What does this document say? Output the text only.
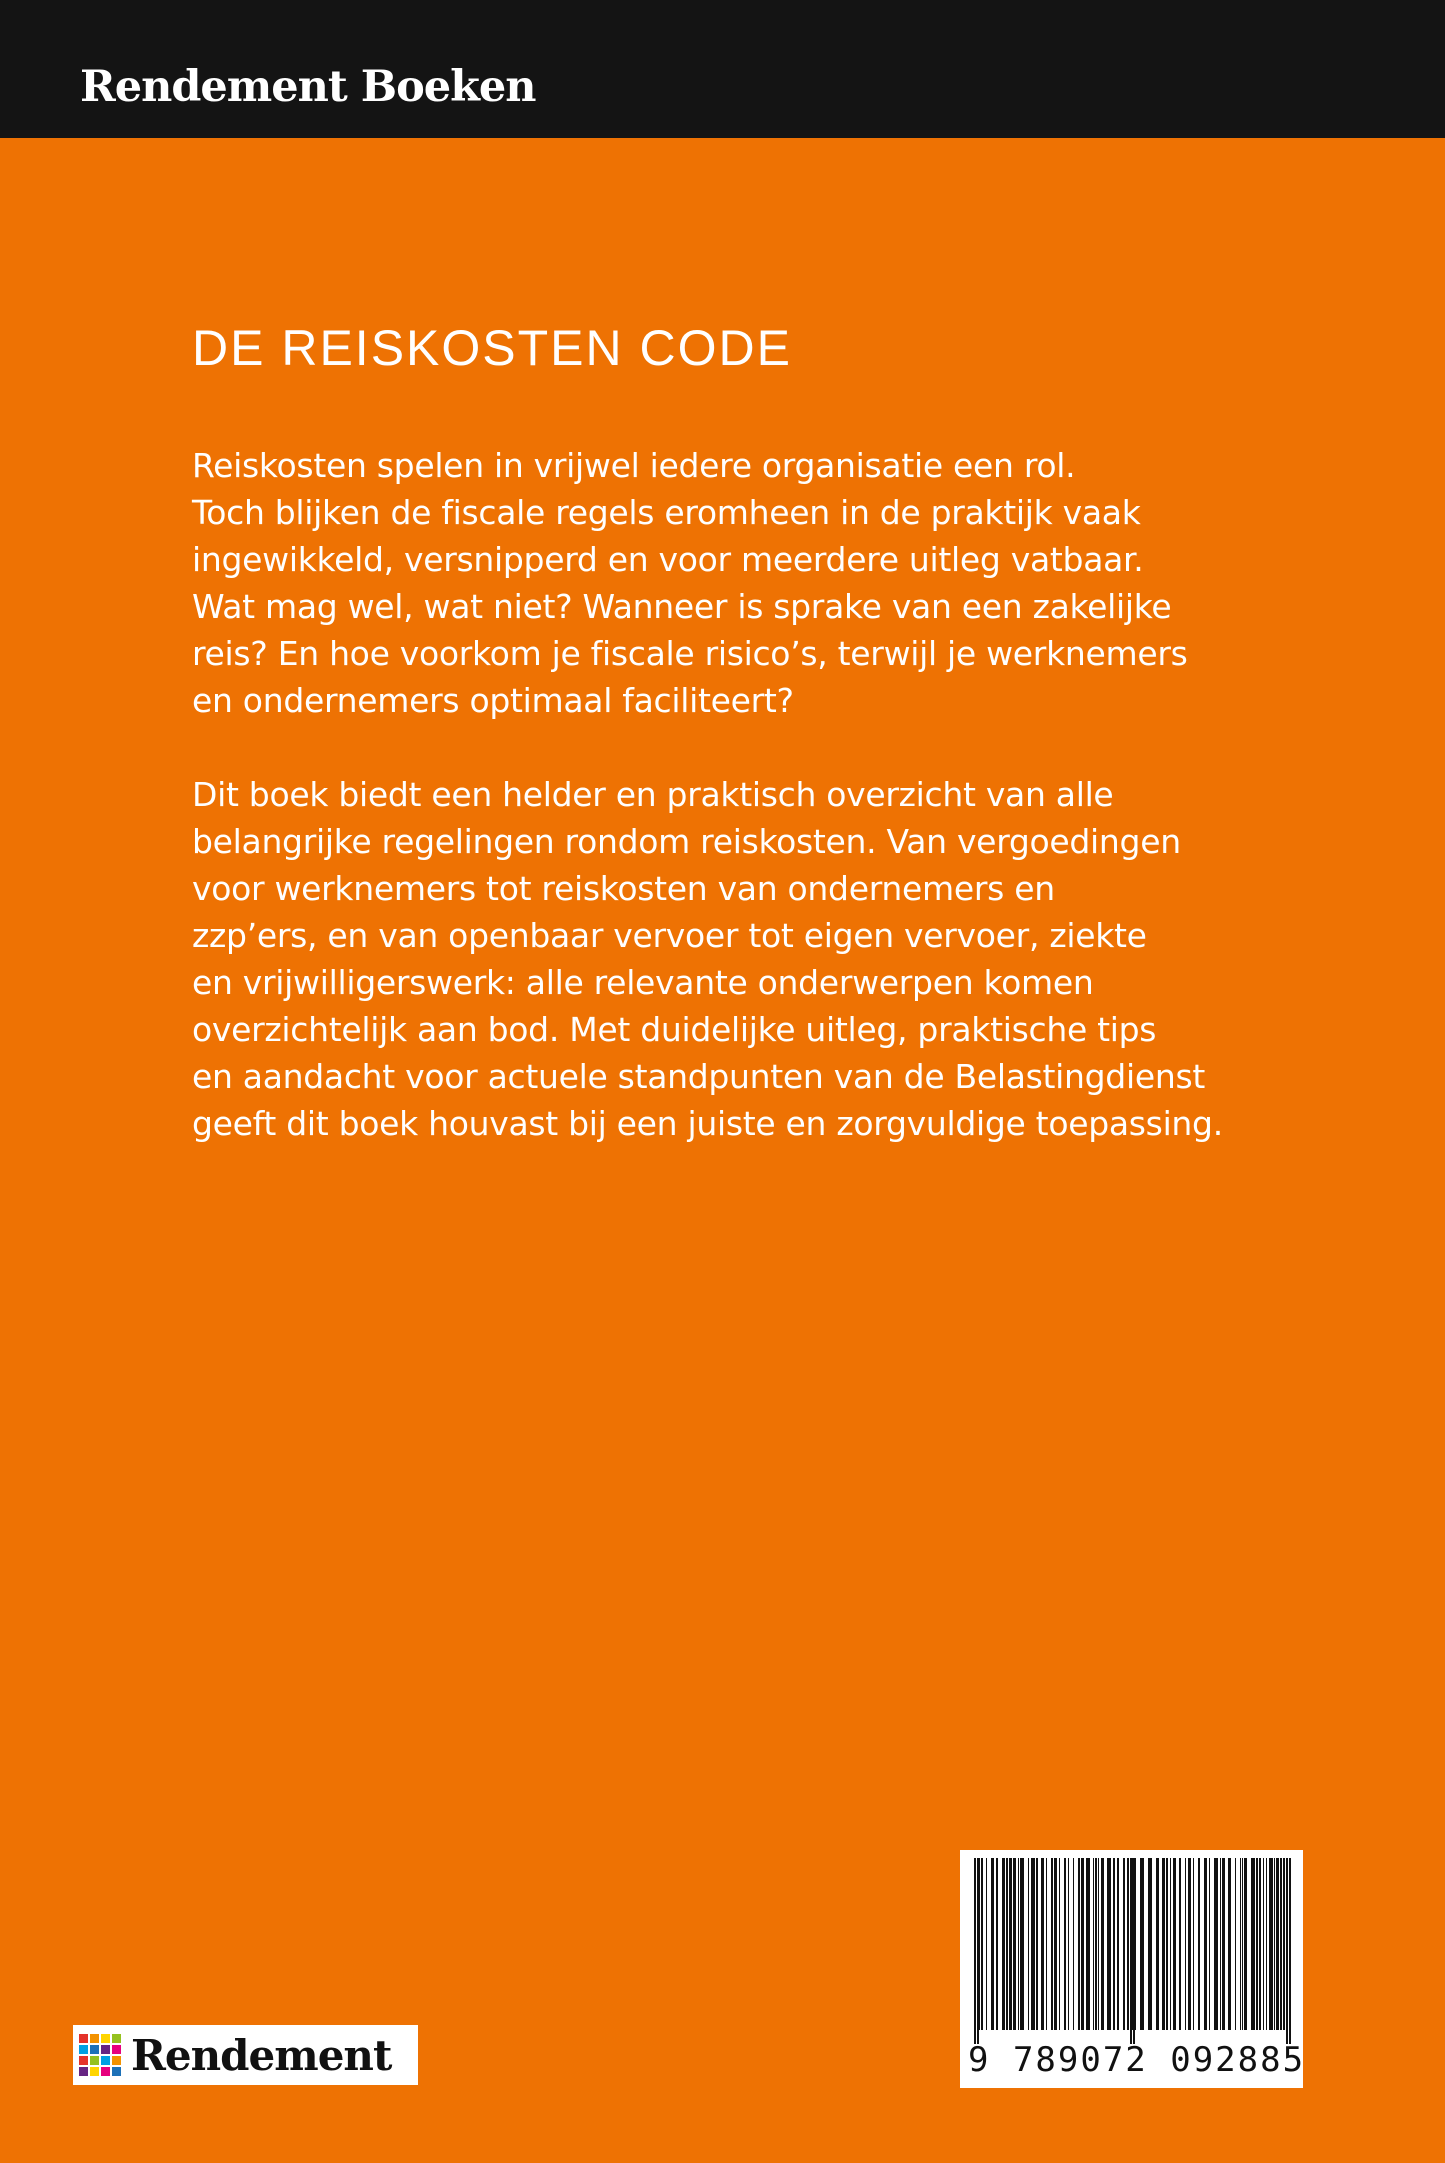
Rendement Boeken
DE REISKOSTEN CODE

Reiskosten spelen in vrijwel iedere organisatie een rol.
Toch blijken de fiscale regels eromheen in de praktijk vaak
ingewikkeld, versnipperd en voor meerdere uitleg vatbaar.
Wat mag wel, wat niet? Wanneer is sprake van een zakelijke
reis? En hoe voorkom je fiscale risico’s, terwijl je werknemers
en ondernemers optimaal faciliteert?

Dit boek biedt een helder en praktisch overzicht van alle
belangrijke regelingen rondom reiskosten. Van vergoedingen
voor werknemers tot reiskosten van ondernemers en
zzp’ers, en van openbaar vervoer tot eigen vervoer, ziekte
en vrijwilligerswerk: alle relevante onderwerpen komen
overzichtelijk aan bod. Met duidelijke uitleg, praktische tips
en aandacht voor actuele standpunten van de Belastingdienst
geeft dit boek houvast bij een juiste en zorgvuldige toepassing.

Rendement	9 789072 092885
